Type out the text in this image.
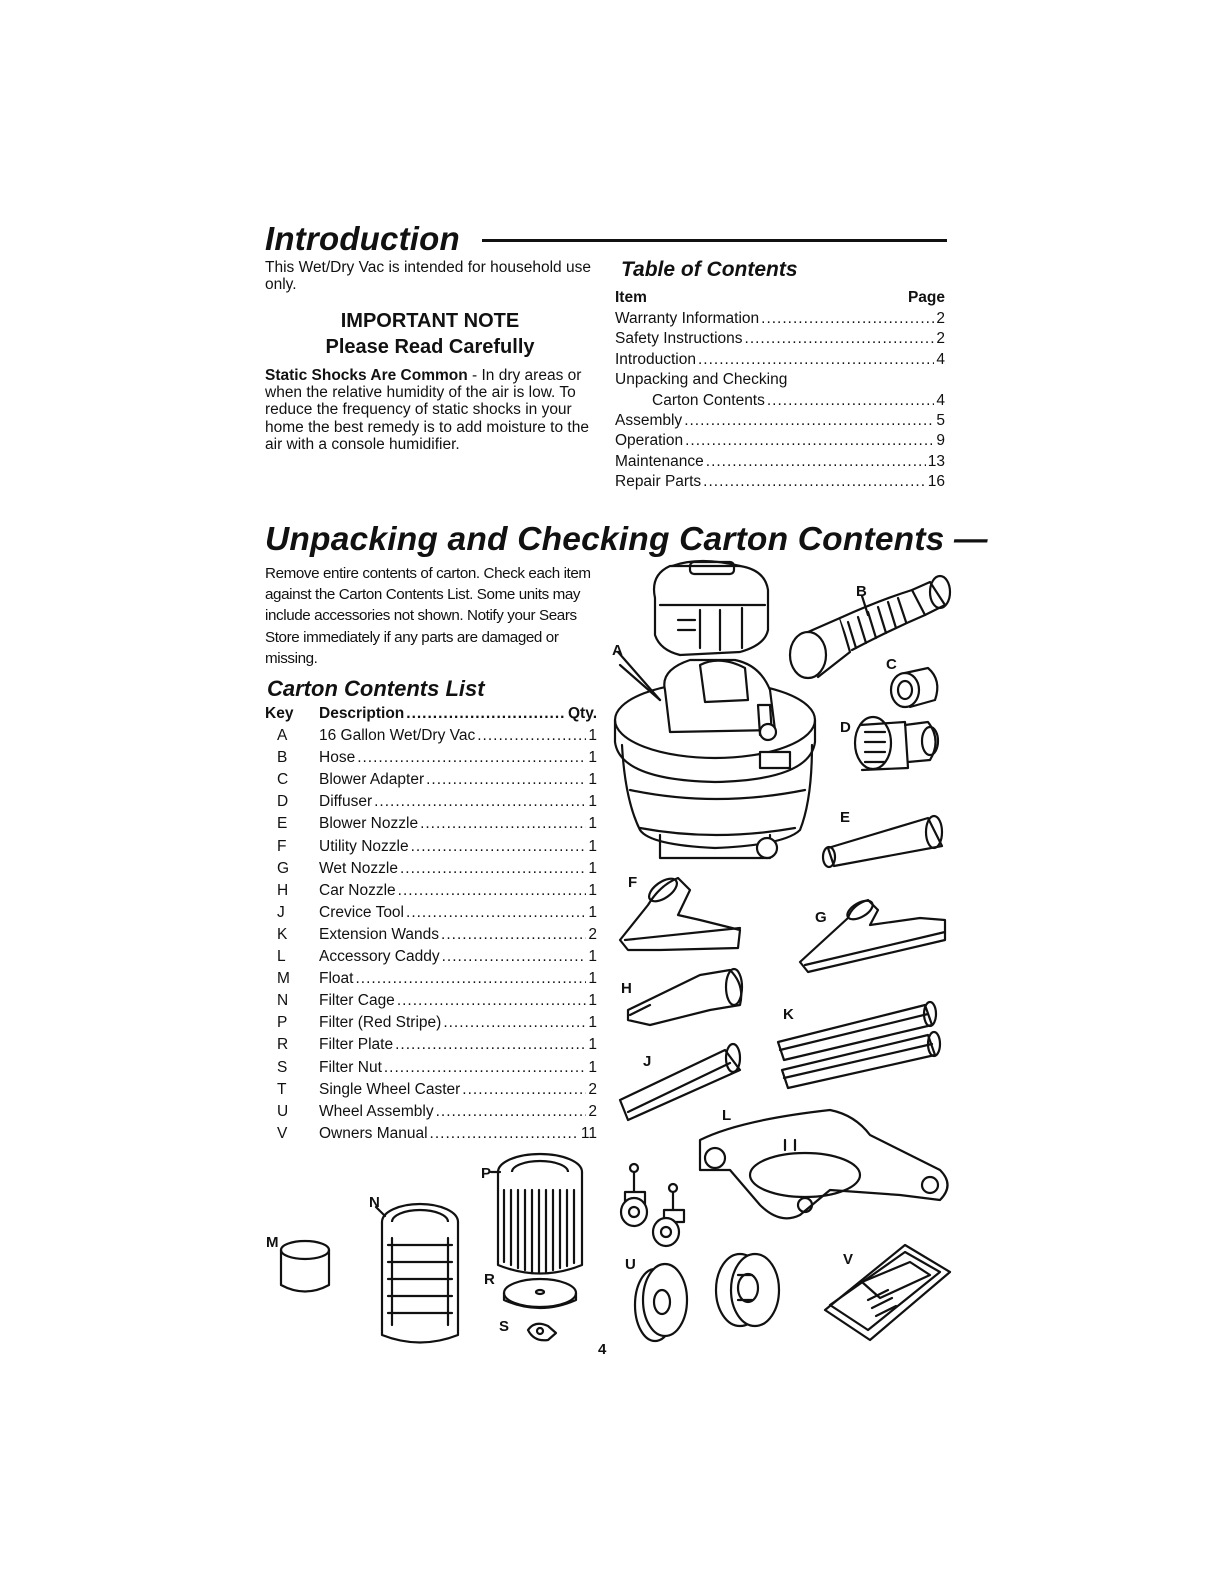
Introduction
This Wet/Dry Vac is intended for household use only.
IMPORTANT NOTE
Please Read Carefully
Static Shocks Are Common - In dry areas or when the relative humidity of the air is low. To reduce the frequency of static shocks in your home the best remedy is to add moisture to the air with a console humidifier.
Table of Contents
Item	Page
Warranty Information .....	2
Safety Instructions .....	2
Introduction .....	4
Unpacking and Checking
Carton Contents .....	4
Assembly .....	5
Operation .....	9
Maintenance .....	13
Repair Parts .....	16
Unpacking and Checking Carton Contents —
Remove entire contents of carton. Check each item against the Carton Contents List. Some units may include accessories not shown. Notify your Sears Store immediately if any parts are damaged or missing.
Carton Contents List
Key	Description .....	Qty.
A	16 Gallon Wet/Dry Vac .....	1
B	Hose .....	1
C	Blower Adapter .....	1
D	Diffuser .....	1
E	Blower Nozzle .....	1
F	Utility Nozzle .....	1
G	Wet Nozzle .....	1
H	Car Nozzle .....	1
J	Crevice Tool .....	1
K	Extension Wands .....	2
L	Accessory Caddy .....	1
M	Float .....	1
N	Filter Cage .....	1
P	Filter (Red Stripe) .....	1
R	Filter Plate .....	1
S	Filter Nut .....	1
T	Single Wheel Caster .....	2
U	Wheel Assembly .....	2
V	Owners Manual .....	11
A
B
C
D
E
F
G
H
J
K
L
M
N
P
R
S
U	V
4
